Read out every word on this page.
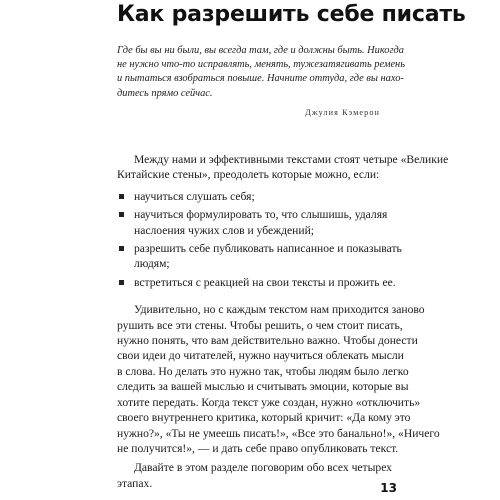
Как разрешить себе писать
Где бы вы ни были, вы всегда там, где и должны быть. Никогда
не нужно что-то исправлять, менять, тужезатягивать ремень
и пытаться взобраться повыше. Начните оттуда, где вы нахо-
дитесь прямо сейчас.
Джулия Кэмерон

Между нами и эффективными текстами стоят четыре «Великие
Китайские стены», преодолеть которые можно, если:

научиться слушать себя;
научиться формулировать то, что слышишь, удаляя
наслоения чужих слов и убеждений;
разрешить себе публиковать написанное и показывать
людям;
встретиться с реакцией на свои тексты и прожить ее.

Удивительно, но с каждым текстом нам приходится заново
рушить все эти стены. Чтобы решить, о чем стоит писать,
нужно понять, что вам действительно важно. Чтобы донести
свои идеи до читателей, нужно научиться облекать мысли
в слова. Но делать это нужно так, чтобы людям было легко
следить за вашей мыслью и считывать эмоции, которые вы
хотите передать. Когда текст уже создан, нужно «отключить»
своего внутреннего критика, который кричит: «Да кому это
нужно?», «Ты не умеешь писать!», «Все это банально!», «Ничего
не получится!», — и дать себе право опубликовать текст.

Давайте в этом разделе поговорим обо всех четырех
этапах.	13
